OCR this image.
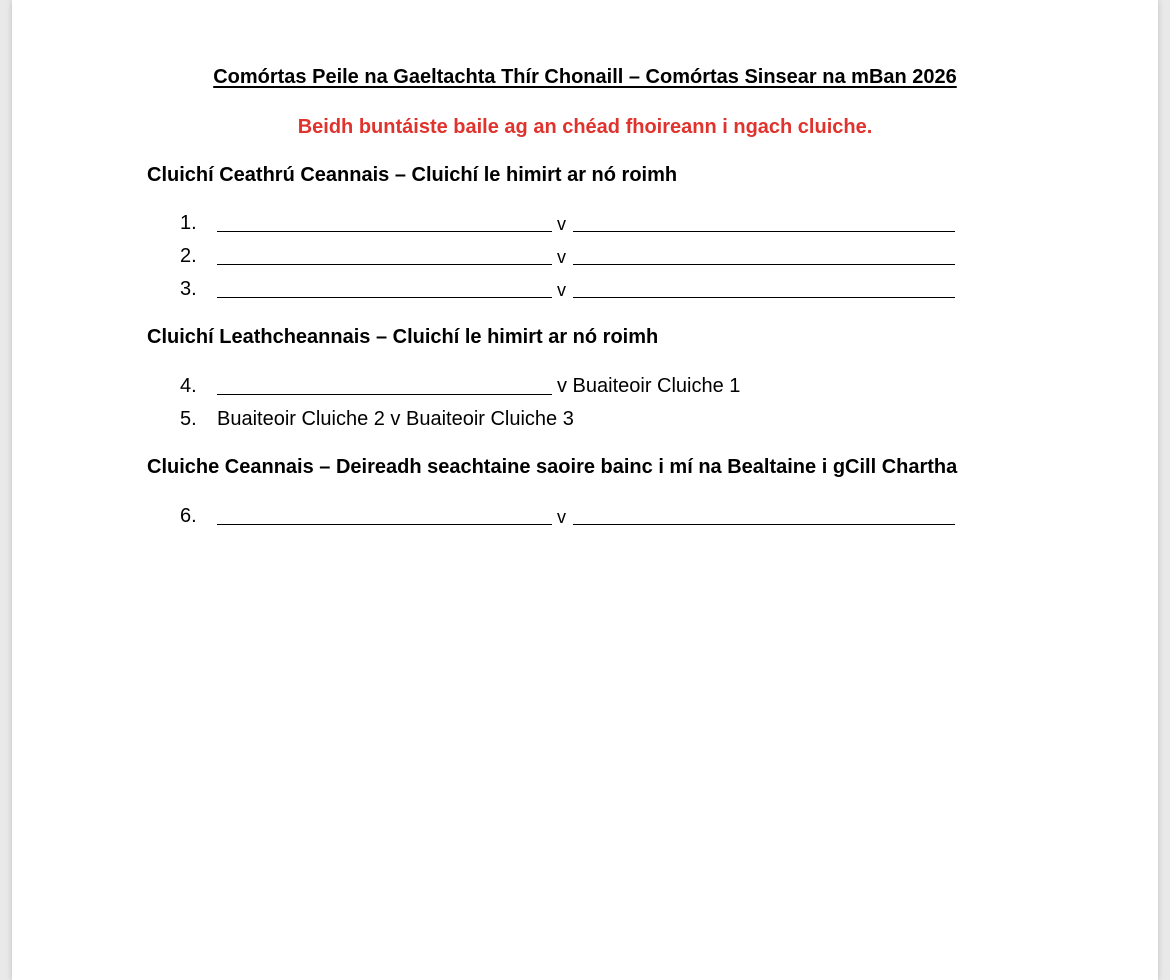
Comórtas Peile na Gaeltachta Thír Chonaill – Comórtas Sinsear na mBan 2026
Beidh buntáiste baile ag an chéad fhoireann i ngach cluiche.
Cluichí Ceathrú Ceannais – Cluichí le himirt ar nó roimh
1.	v
2.	v
3.	v
Cluichí Leathcheannais – Cluichí le himirt ar nó roimh
4.	v Buaiteoir Cluiche 1
5. Buaiteoir Cluiche 2 v Buaiteoir Cluiche 3
Cluiche Ceannais – Deireadh seachtaine saoire bainc i mí na Bealtaine i gCill Chartha
6.	v
